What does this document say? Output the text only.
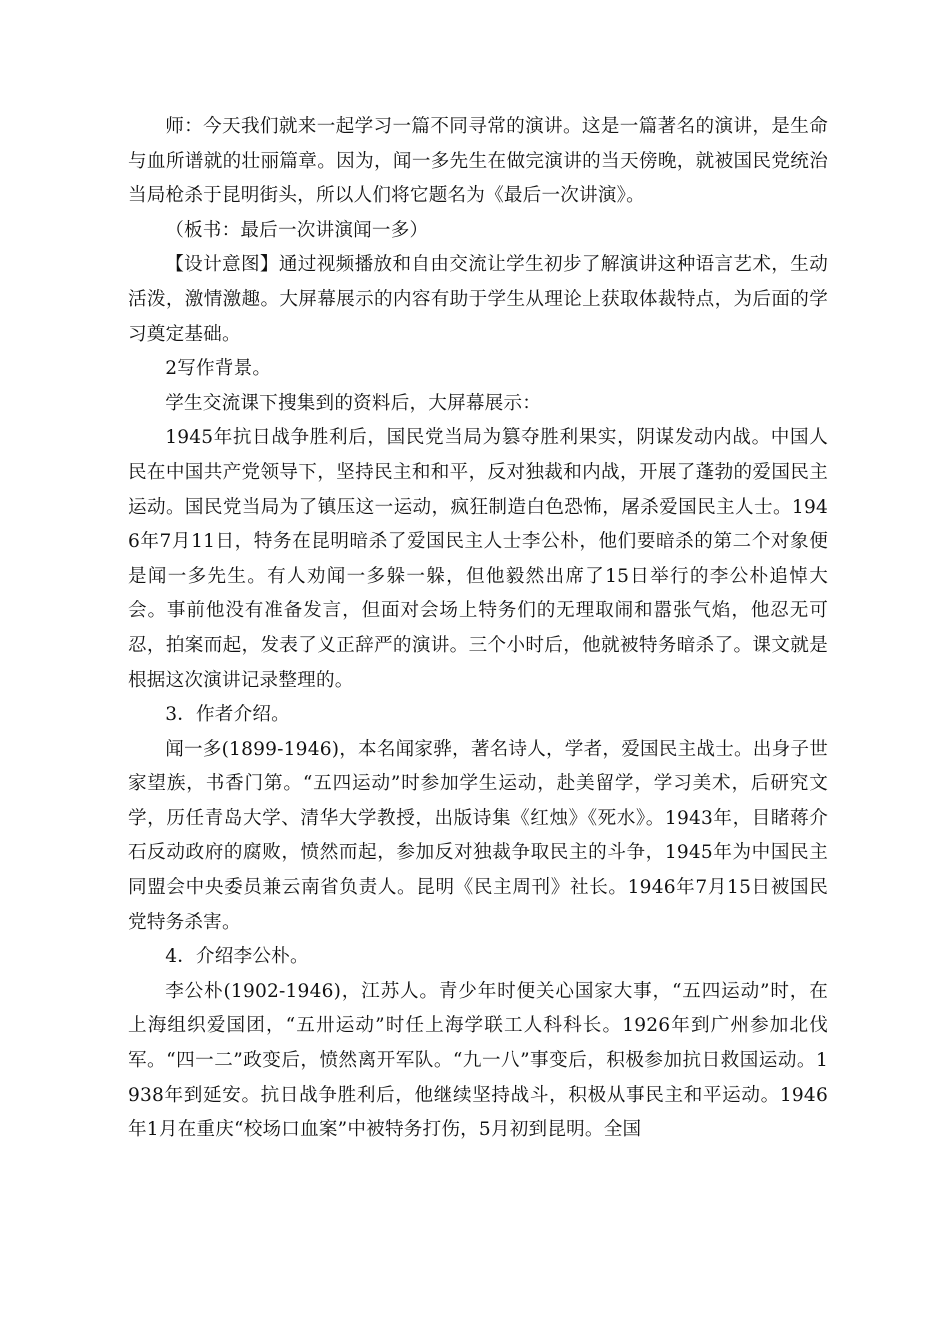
师：今天我们就来一起学习一篇不同寻常的演讲。这是一篇著名的演讲，是生命与血所谱就的壮丽篇章。因为，闻一多先生在做完演讲的当天傍晚，就被国民党统治当局枪杀于昆明街头，所以人们将它题名为《最后一次讲演》。

（板书：最后一次讲演闻一多）

【设计意图】通过视频播放和自由交流让学生初步了解演讲这种语言艺术，生动活泼，激情激趣。大屏幕展示的内容有助于学生从理论上获取体裁特点，为后面的学习奠定基础。

2写作背景。

学生交流课下搜集到的资料后，大屏幕展示：

1945年抗日战争胜利后，国民党当局为篡夺胜利果实，阴谋发动内战。中国人民在中国共产党领导下，坚持民主和和平，反对独裁和内战，开展了蓬勃的爱国民主运动。国民党当局为了镇压这一运动，疯狂制造白色恐怖，屠杀爱国民主人士。1946年7月11日，特务在昆明暗杀了爱国民主人士李公朴，他们要暗杀的第二个对象便是闻一多先生。有人劝闻一多躲一躲，但他毅然出席了15日举行的李公朴追悼大会。事前他没有准备发言，但面对会场上特务们的无理取闹和嚣张气焰，他忍无可忍，拍案而起，发表了义正辞严的演讲。三个小时后，他就被特务暗杀了。课文就是根据这次演讲记录整理的。

3．作者介绍。

闻一多(1899-1946)，本名闻家骅，著名诗人，学者，爱国民主战士。出身子世家望族，书香门第。“五四运动”时参加学生运动，赴美留学，学习美术，后研究文学，历任青岛大学、清华大学教授，出版诗集《红烛》《死水》。1943年，目睹蒋介石反动政府的腐败，愤然而起，参加反对独裁争取民主的斗争，1945年为中国民主同盟会中央委员兼云南省负责人。昆明《民主周刊》社长。1946年7月15日被国民党特务杀害。

4．介绍李公朴。

李公朴(1902-1946)，江苏人。青少年时便关心国家大事，“五四运动”时，在上海组织爱国团，“五卅运动”时任上海学联工人科科长。1926年到广州参加北伐军。“四一二”政变后，愤然离开军队。“九一八”事变后，积极参加抗日救国运动。1938年到延安。抗日战争胜利后，他继续坚持战斗，积极从事民主和平运动。1946年1月在重庆“校场口血案”中被特务打伤，5月初到昆明。全国
